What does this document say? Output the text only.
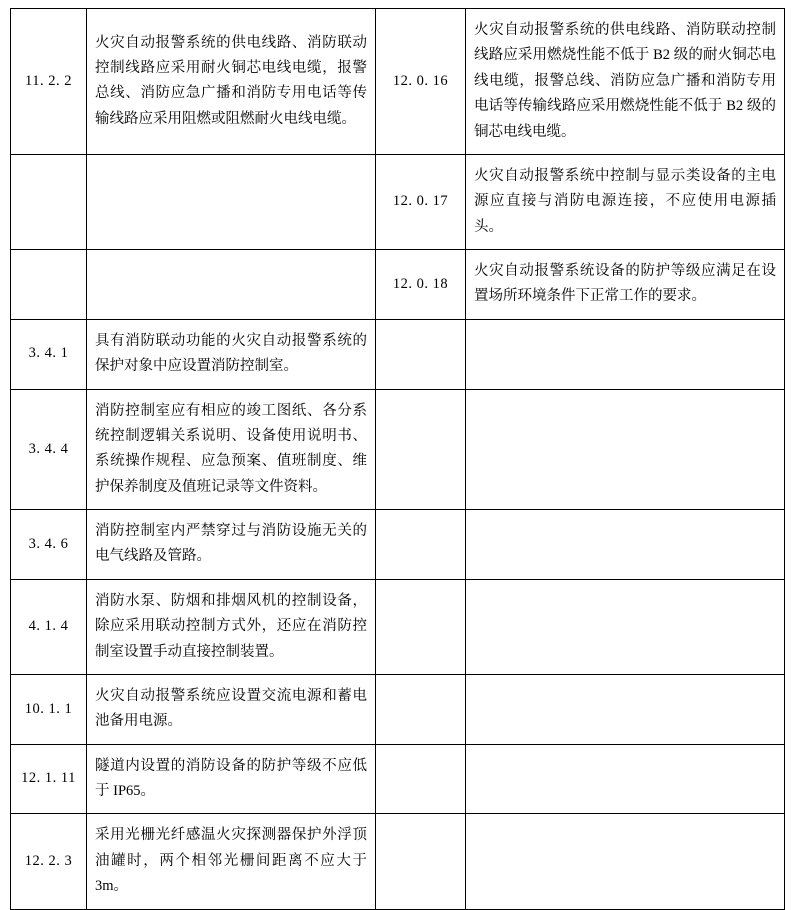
11. 2. 2	火灾自动报警系统的供电线路、消防联动控制线路应采用耐火铜芯电线电缆，报警总线、消防应急广播和消防专用电话等传输线路应采用阻燃或阻燃耐火电线电缆。	12. 0. 16	火灾自动报警系统的供电线路、消防联动控制线路应采用燃烧性能不低于 B2 级的耐火铜芯电线电缆，报警总线、消防应急广播和消防专用电话等传输线路应采用燃烧性能不低于 B2 级的铜芯电线电缆。
		12. 0. 17	火灾自动报警系统中控制与显示类设备的主电源应直接与消防电源连接，不应使用电源插头。
		12. 0. 18	火灾自动报警系统设备的防护等级应满足在设置场所环境条件下正常工作的要求。
3. 4. 1	具有消防联动功能的火灾自动报警系统的保护对象中应设置消防控制室。		
3. 4. 4	消防控制室应有相应的竣工图纸、各分系统控制逻辑关系说明、设备使用说明书、系统操作规程、应急预案、值班制度、维护保养制度及值班记录等文件资料。		
3. 4. 6	消防控制室内严禁穿过与消防设施无关的电气线路及管路。		
4. 1. 4	消防水泵、防烟和排烟风机的控制设备，除应采用联动控制方式外，还应在消防控制室设置手动直接控制装置。		
10. 1. 1	火灾自动报警系统应设置交流电源和蓄电池备用电源。		
12. 1. 11	隧道内设置的消防设备的防护等级不应低于 IP65。		
12. 2. 3	采用光栅光纤感温火灾探测器保护外浮顶油罐时，两个相邻光栅间距离不应大于 3m。		
